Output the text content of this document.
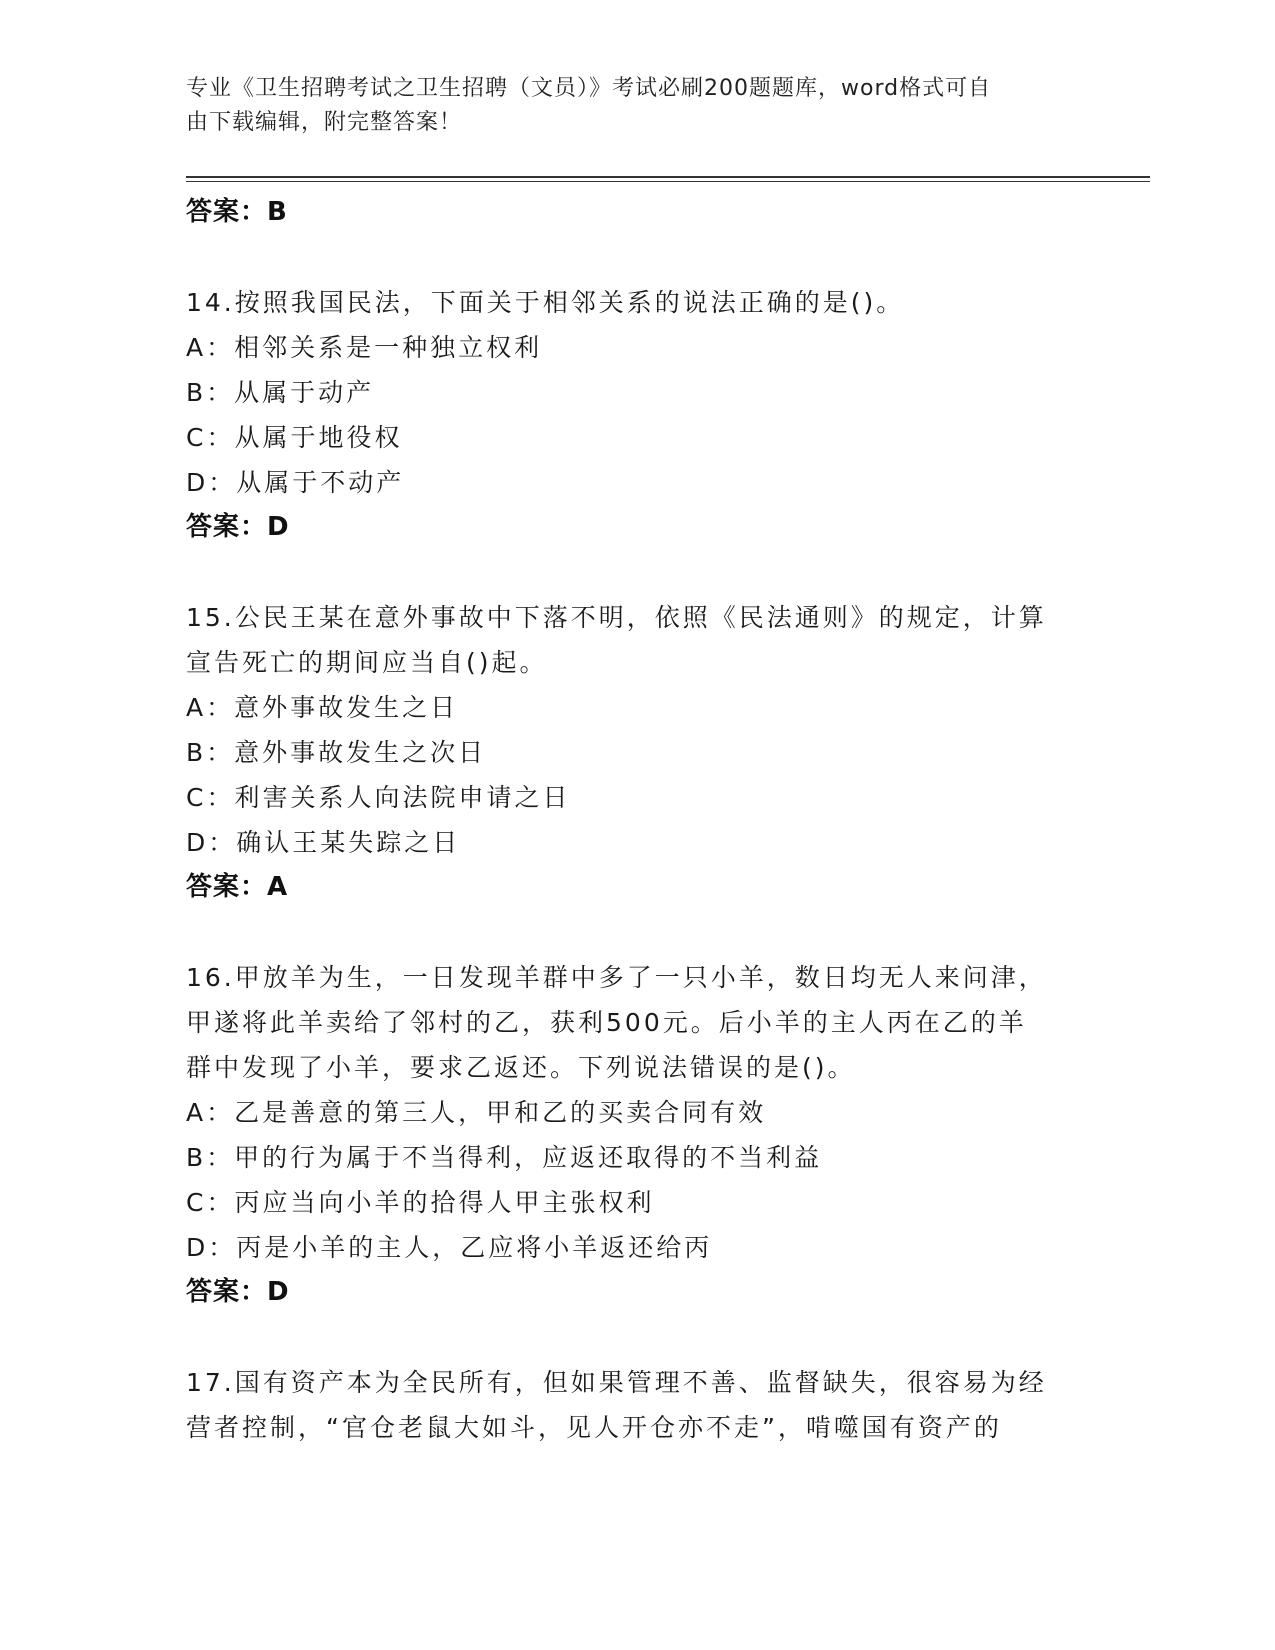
专业《卫生招聘考试之卫生招聘（文员）》考试必刷200题题库，word格式可自
由下载编辑，附完整答案！
答案：B
14.按照我国民法，下面关于相邻关系的说法正确的是()。
A：相邻关系是一种独立权利
B：从属于动产
C：从属于地役权
D：从属于不动产
答案：D
15.公民王某在意外事故中下落不明，依照《民法通则》的规定，计算
宣告死亡的期间应当自()起。
A：意外事故发生之日
B：意外事故发生之次日
C：利害关系人向法院申请之日
D：确认王某失踪之日
答案：A
16.甲放羊为生，一日发现羊群中多了一只小羊，数日均无人来问津，
甲遂将此羊卖给了邻村的乙，获利500元。后小羊的主人丙在乙的羊
群中发现了小羊，要求乙返还。下列说法错误的是()。
A：乙是善意的第三人，甲和乙的买卖合同有效
B：甲的行为属于不当得利，应返还取得的不当利益
C：丙应当向小羊的拾得人甲主张权利
D：丙是小羊的主人，乙应将小羊返还给丙
答案：D
17.国有资产本为全民所有，但如果管理不善、监督缺失，很容易为经
营者控制，“官仓老鼠大如斗，见人开仓亦不走”，啃噬国有资产的
